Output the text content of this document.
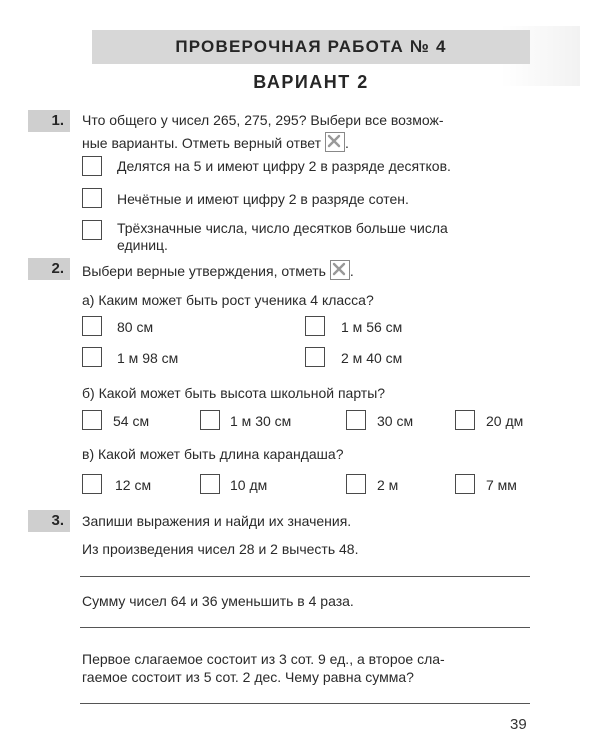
ПРОВЕРОЧНАЯ РАБОТА № 4
ВАРИАНТ 2
1.	Что общего у чисел 265, 275, 295? Выбери все возмож-
ные варианты. Отметь верный ответ .
Делятся на 5 и имеют цифру 2 в разряде десятков.
Нечётные и имеют цифру 2 в разряде сотен.
Трёхзначные числа, число десятков больше числа
единиц.
2.	Выбери верные утверждения, отметь .
а) Каким может быть рост ученика 4 класса?
80 см	1 м 56 см
1 м 98 см	2 м 40 см
б) Какой может быть высота школьной парты?
54 см	1 м 30 см	30 см	20 дм
в) Какой может быть длина карандаша?
12 см	10 дм	2 м	7 мм
3.	Запиши выражения и найди их значения.
Из произведения чисел 28 и 2 вычесть 48.
Сумму чисел 64 и 36 уменьшить в 4 раза.
Первое слагаемое состоит из 3 сот. 9 ед., а второе сла-
гаемое состоит из 5 сот. 2 дес. Чему равна сумма?
39
